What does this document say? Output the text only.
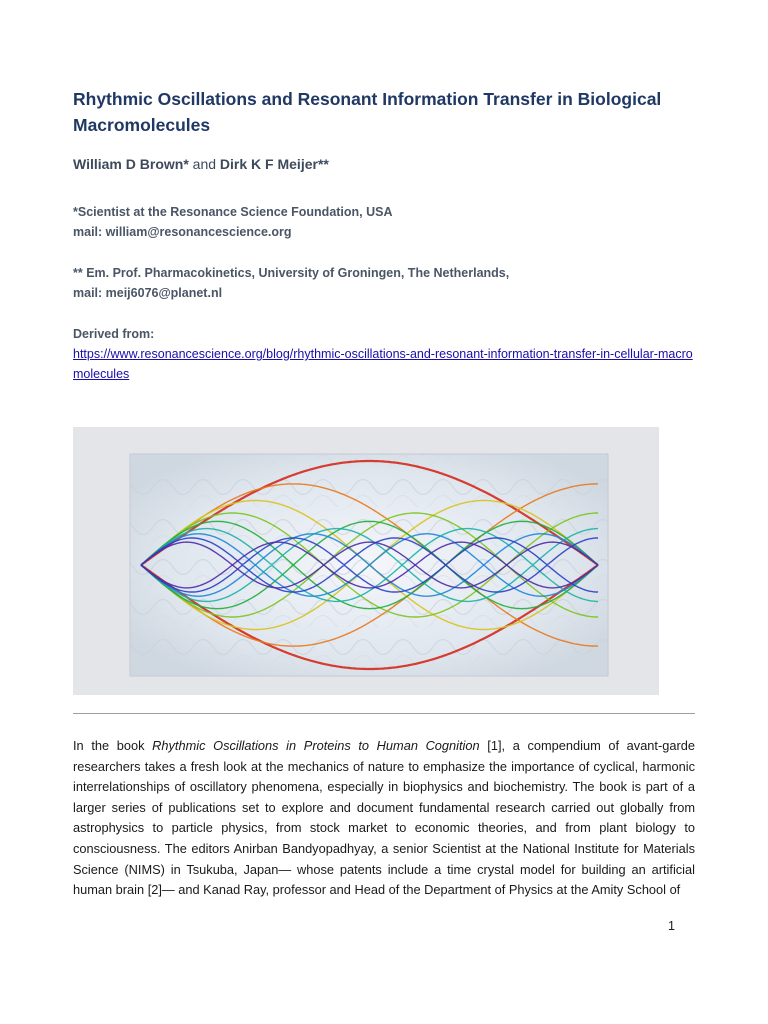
Rhythmic Oscillations and Resonant Information Transfer in Biological Macromolecules
William D Brown* and Dirk K F Meijer**
*Scientist at the Resonance Science Foundation, USA
mail: william@resonancescience.org
** Em. Prof. Pharmacokinetics, University of Groningen, The Netherlands,
mail: meij6076@planet.nl
Derived from:
https://www.resonancescience.org/blog/rhythmic-oscillations-and-resonant-information-transfer-in-cellular-macromolecules

In the book Rhythmic Oscillations in Proteins to Human Cognition [1], a compendium of avant-garde researchers takes a fresh look at the mechanics of nature to emphasize the importance of cyclical, harmonic interrelationships of oscillatory phenomena, especially in biophysics and biochemistry. The book is part of a larger series of publications set to explore and document fundamental research carried out globally from astrophysics to particle physics, from stock market to economic theories, and from plant biology to consciousness. The editors Anirban Bandyopadhyay, a senior Scientist at the National Institute for Materials Science (NIMS) in Tsukuba, Japan— whose patents include a time crystal model for building an artificial human brain [2]— and Kanad Ray, professor and Head of the Department of Physics at the Amity School of

1
